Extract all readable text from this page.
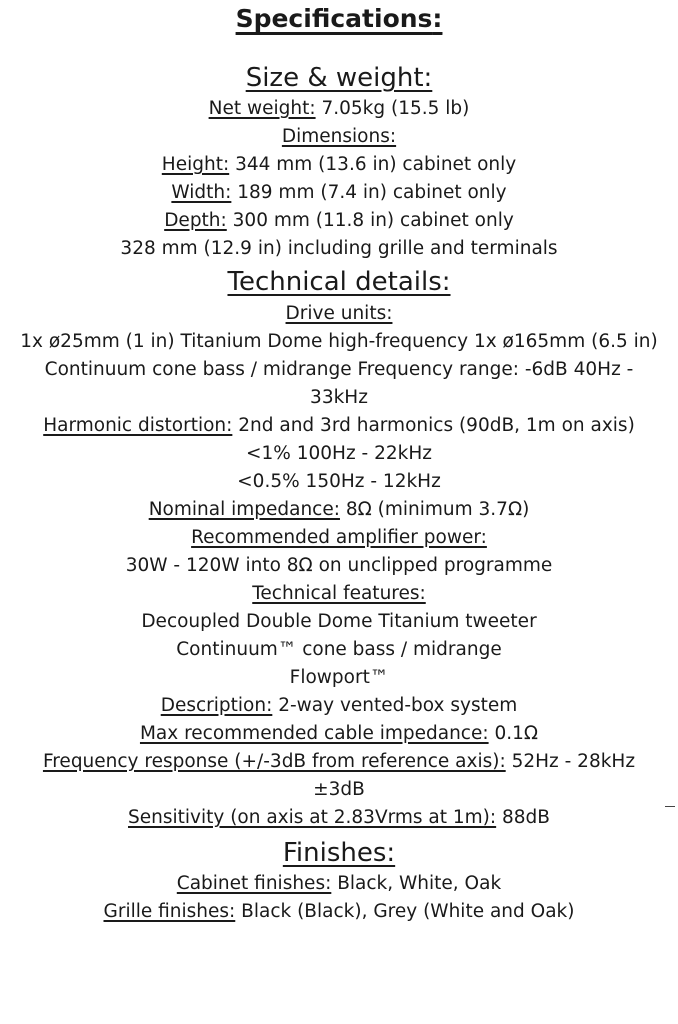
Specifications:
Size & weight:
Net weight: 7.05kg (15.5 lb)
Dimensions:
Height: 344 mm (13.6 in) cabinet only
Width: 189 mm (7.4 in) cabinet only
Depth: 300 mm (11.8 in) cabinet only
328 mm (12.9 in) including grille and terminals
Technical details:
Drive units:
1x ø25mm (1 in) Titanium Dome high-frequency 1x ø165mm (6.5 in)
Continuum cone bass / midrange Frequency range: -6dB 40Hz -
33kHz
Harmonic distortion: 2nd and 3rd harmonics (90dB, 1m on axis)
<1% 100Hz - 22kHz
<0.5% 150Hz - 12kHz
Nominal impedance: 8Ω (minimum 3.7Ω)
Recommended amplifier power:
30W - 120W into 8Ω on unclipped programme
Technical features:
Decoupled Double Dome Titanium tweeter
Continuum™ cone bass / midrange
Flowport™
Description: 2-way vented-box system
Max recommended cable impedance: 0.1Ω
Frequency response (+/-3dB from reference axis): 52Hz - 28kHz
±3dB
Sensitivity (on axis at 2.83Vrms at 1m): 88dB
Finishes:
Cabinet finishes: Black, White, Oak
Grille finishes: Black (Black), Grey (White and Oak)
